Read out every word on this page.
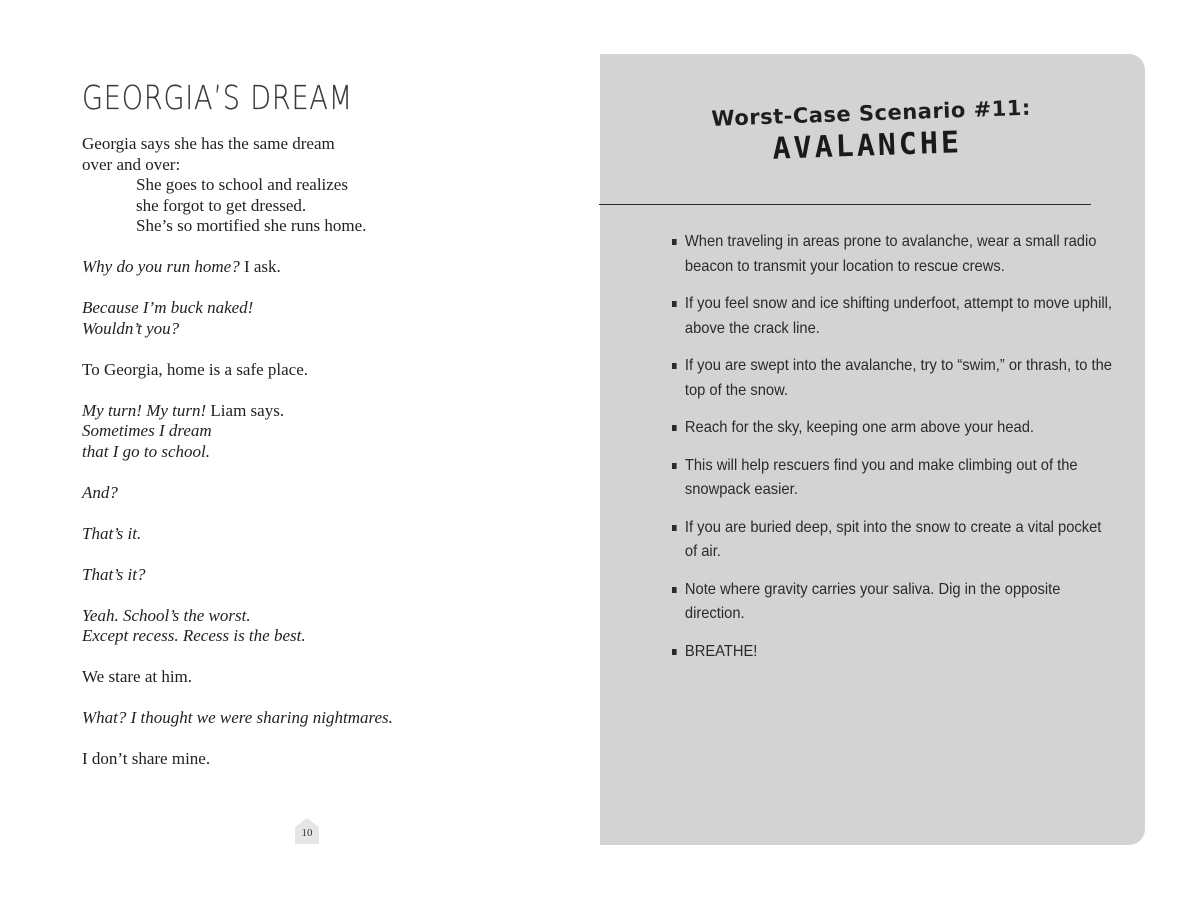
GEORGIA’S DREAM

Georgia says she has the same dream
over and over:
She goes to school and realizes
she forgot to get dressed.
She’s so mortified she runs home.

Why do you run home? I ask.

Because I’m buck naked!
Wouldn’t you?

To Georgia, home is a safe place.

My turn! My turn! Liam says.
Sometimes I dream
that I go to school.

And?

That’s it.

That’s it?

Yeah. School’s the worst.
Except recess. Recess is the best.

We stare at him.

What? I thought we were sharing nightmares.

I don’t share mine.

10
Worst-Case Scenario #11:
AVALANCHE
When traveling in areas prone to avalanche, wear a small radio beacon to transmit your location to rescue crews.
If you feel snow and ice shifting underfoot, attempt to move uphill, above the crack line.
If you are swept into the avalanche, try to “swim,” or thrash, to the top of the snow.
Reach for the sky, keeping one arm above your head.
This will help rescuers find you and make climbing out of the snowpack easier.
If you are buried deep, spit into the snow to create a vital pocket of air.
Note where gravity carries your saliva. Dig in the opposite direction.
BREATHE!
